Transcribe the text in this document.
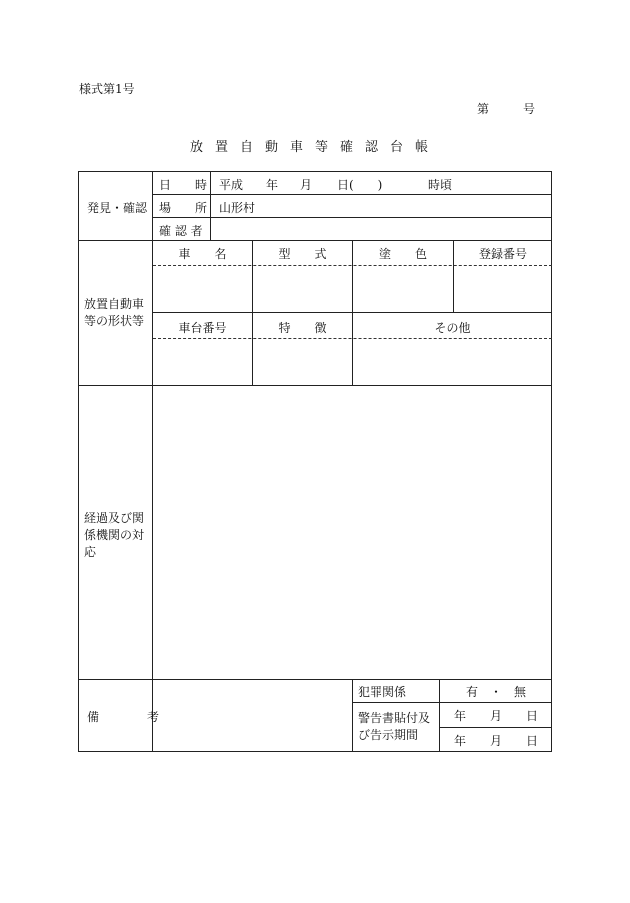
様式第1号
第	号
放置自動車等確認台帳
発見・確認
日　　時 平成 年 月 日(　　)	時頃
場　　所 山形村
確 認 者
放置自動車等の形状等
車　　名	型　　式	塗　　色	登録番号
車台番号	特　　徴	その他
経過及び関係機関の対応
備　　　　考
犯罪関係	有　・　無
警告書貼付及び告示期間
年　　月　　日
年　　月　　日
